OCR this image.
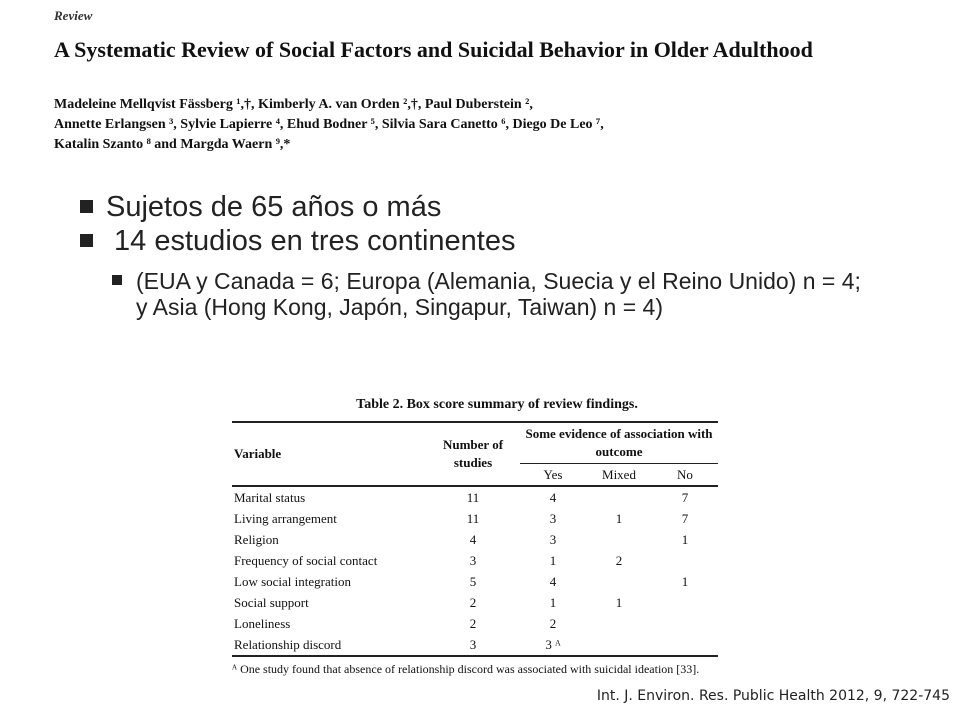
Review
A Systematic Review of Social Factors and Suicidal Behavior in Older Adulthood
Madeleine Mellqvist Fässberg ¹,†, Kimberly A. van Orden ²,†, Paul Duberstein ²,
Annette Erlangsen ³, Sylvie Lapierre ⁴, Ehud Bodner ⁵, Silvia Sara Canetto ⁶, Diego De Leo ⁷,
Katalin Szanto ⁸ and Margda Waern ⁹,*
Sujetos de 65 años o más
14 estudios en tres continentes
(EUA y Canada = 6; Europa (Alemania, Suecia y el Reino Unido) n = 4; y Asia (Hong Kong, Japón, Singapur, Taiwan) n = 4)
Table 2. Box score summary of review findings.
Variable	Number of studies	Some evidence of association with outcome		
		Yes	Mixed	No
Marital status	11	4		7
Living arrangement	11	3	1	7
Religion	4	3		1
Frequency of social contact	3	1	2	
Low social integration	5	4		1
Social support	2	1	1	
Loneliness	2	2		
Relationship discord	3	3 ᴬ		
ᴬ One study found that absence of relationship discord was associated with suicidal ideation [33].
Int. J. Environ. Res. Public Health 2012, 9, 722-745
